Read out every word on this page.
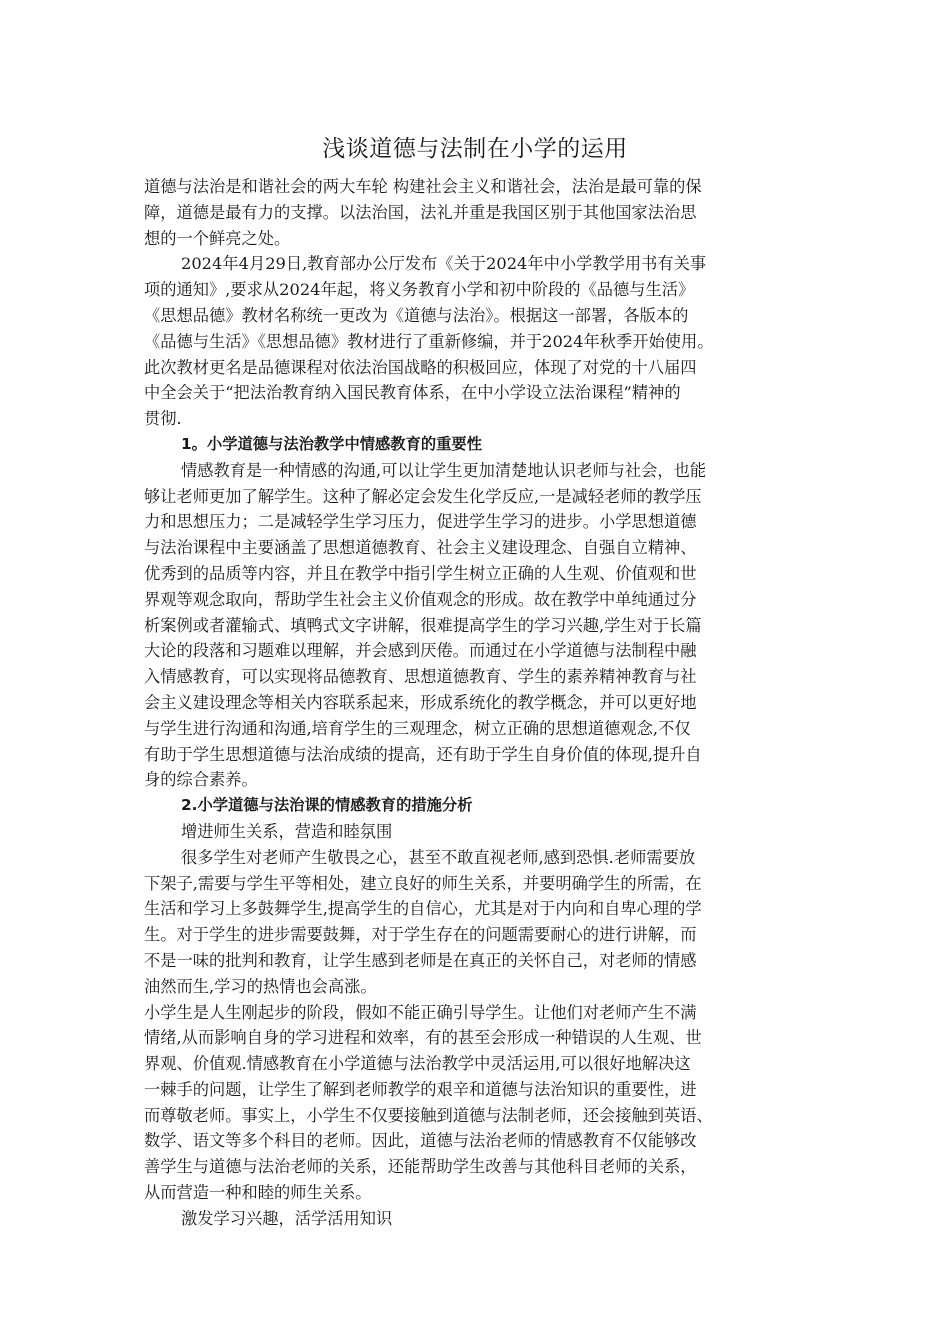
浅谈道德与法制在小学的运用
道德与法治是和谐社会的两大车轮 构建社会主义和谐社会，法治是最可靠的保
障，道德是最有力的支撑。以法治国，法礼并重是我国区别于其他国家法治思
想的一个鲜亮之处。
2024年4月29日,教育部办公厅发布《关于2024年中小学教学用书有关事
项的通知》,要求从2024年起，将义务教育小学和初中阶段的《品德与生活》
《思想品德》教材名称统一更改为《道德与法治》。根据这一部署，各版本的
《品德与生活》《思想品德》教材进行了重新修编，并于2024年秋季开始使用。
此次教材更名是品德课程对依法治国战略的积极回应，体现了对党的十八届四
中全会关于“把法治教育纳入国民教育体系，在中小学设立法治课程”精神的
贯彻.
1。小学道德与法治教学中情感教育的重要性
情感教育是一种情感的沟通,可以让学生更加清楚地认识老师与社会，也能
够让老师更加了解学生。这种了解必定会发生化学反应,一是减轻老师的教学压
力和思想压力；二是减轻学生学习压力，促进学生学习的进步。小学思想道德
与法治课程中主要涵盖了思想道德教育、社会主义建设理念、自强自立精神、
优秀到的品质等内容，并且在教学中指引学生树立正确的人生观、价值观和世
界观等观念取向，帮助学生社会主义价值观念的形成。故在教学中单纯通过分
析案例或者灌输式、填鸭式文字讲解，很难提高学生的学习兴趣,学生对于长篇
大论的段落和习题难以理解，并会感到厌倦。而通过在小学道德与法制程中融
入情感教育，可以实现将品德教育、思想道德教育、学生的素养精神教育与社
会主义建设理念等相关内容联系起来，形成系统化的教学概念，并可以更好地
与学生进行沟通和沟通,培育学生的三观理念，树立正确的思想道德观念,不仅
有助于学生思想道德与法治成绩的提高，还有助于学生自身价值的体现,提升自
身的综合素养。
2.小学道德与法治课的情感教育的措施分析
增进师生关系，营造和睦氛围
很多学生对老师产生敬畏之心，甚至不敢直视老师,感到恐惧.老师需要放
下架子,需要与学生平等相处，建立良好的师生关系，并要明确学生的所需，在
生活和学习上多鼓舞学生,提高学生的自信心，尤其是对于内向和自卑心理的学
生。对于学生的进步需要鼓舞，对于学生存在的问题需要耐心的进行讲解，而
不是一味的批判和教育，让学生感到老师是在真正的关怀自己，对老师的情感
油然而生,学习的热情也会高涨。
小学生是人生刚起步的阶段，假如不能正确引导学生。让他们对老师产生不满
情绪,从而影响自身的学习进程和效率，有的甚至会形成一种错误的人生观、世
界观、价值观.情感教育在小学道德与法治教学中灵活运用,可以很好地解决这
一棘手的问题，让学生了解到老师教学的艰辛和道德与法治知识的重要性，进
而尊敬老师。事实上，小学生不仅要接触到道德与法制老师，还会接触到英语、
数学、语文等多个科目的老师。因此，道德与法治老师的情感教育不仅能够改
善学生与道德与法治老师的关系，还能帮助学生改善与其他科目老师的关系，
从而营造一种和睦的师生关系。
激发学习兴趣，活学活用知识
